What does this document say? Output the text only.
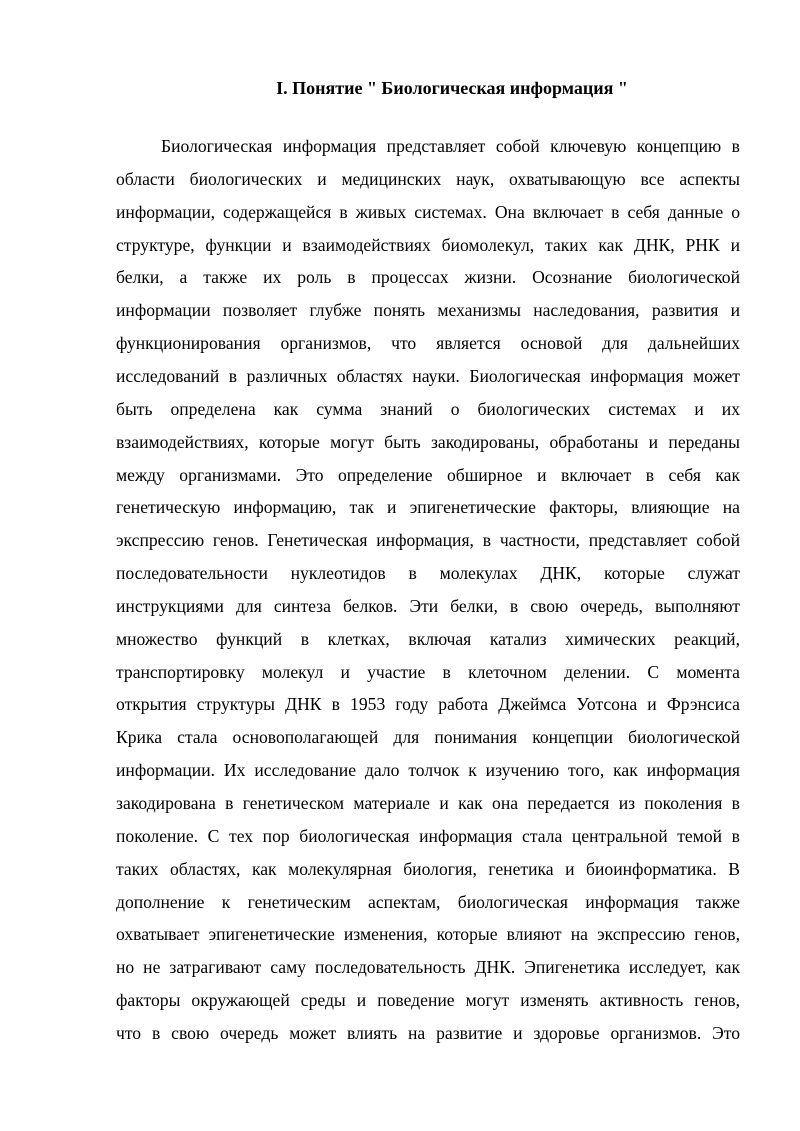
I. Понятие " Биологическая информация "
Биологическая информация представляет собой ключевую концепцию в
области биологических и медицинских наук, охватывающую все аспекты
информации, содержащейся в живых системах. Она включает в себя данные о
структуре, функции и взаимодействиях биомолекул, таких как ДНК, РНК и
белки, а также их роль в процессах жизни. Осознание биологической
информации позволяет глубже понять механизмы наследования, развития и
функционирования организмов, что является основой для дальнейших
исследований в различных областях науки. Биологическая информация может
быть определена как сумма знаний о биологических системах и их
взаимодействиях, которые могут быть закодированы, обработаны и переданы
между организмами. Это определение обширное и включает в себя как
генетическую информацию, так и эпигенетические факторы, влияющие на
экспрессию генов. Генетическая информация, в частности, представляет собой
последовательности нуклеотидов в молекулах ДНК, которые служат
инструкциями для синтеза белков. Эти белки, в свою очередь, выполняют
множество функций в клетках, включая катализ химических реакций,
транспортировку молекул и участие в клеточном делении. С момента
открытия структуры ДНК в 1953 году работа Джеймса Уотсона и Фрэнсиса
Крика стала основополагающей для понимания концепции биологической
информации. Их исследование дало толчок к изучению того, как информация
закодирована в генетическом материале и как она передается из поколения в
поколение. С тех пор биологическая информация стала центральной темой в
таких областях, как молекулярная биология, генетика и биоинформатика. В
дополнение к генетическим аспектам, биологическая информация также
охватывает эпигенетические изменения, которые влияют на экспрессию генов,
но не затрагивают саму последовательность ДНК. Эпигенетика исследует, как
факторы окружающей среды и поведение могут изменять активность генов,
что в свою очередь может влиять на развитие и здоровье организмов. Это
